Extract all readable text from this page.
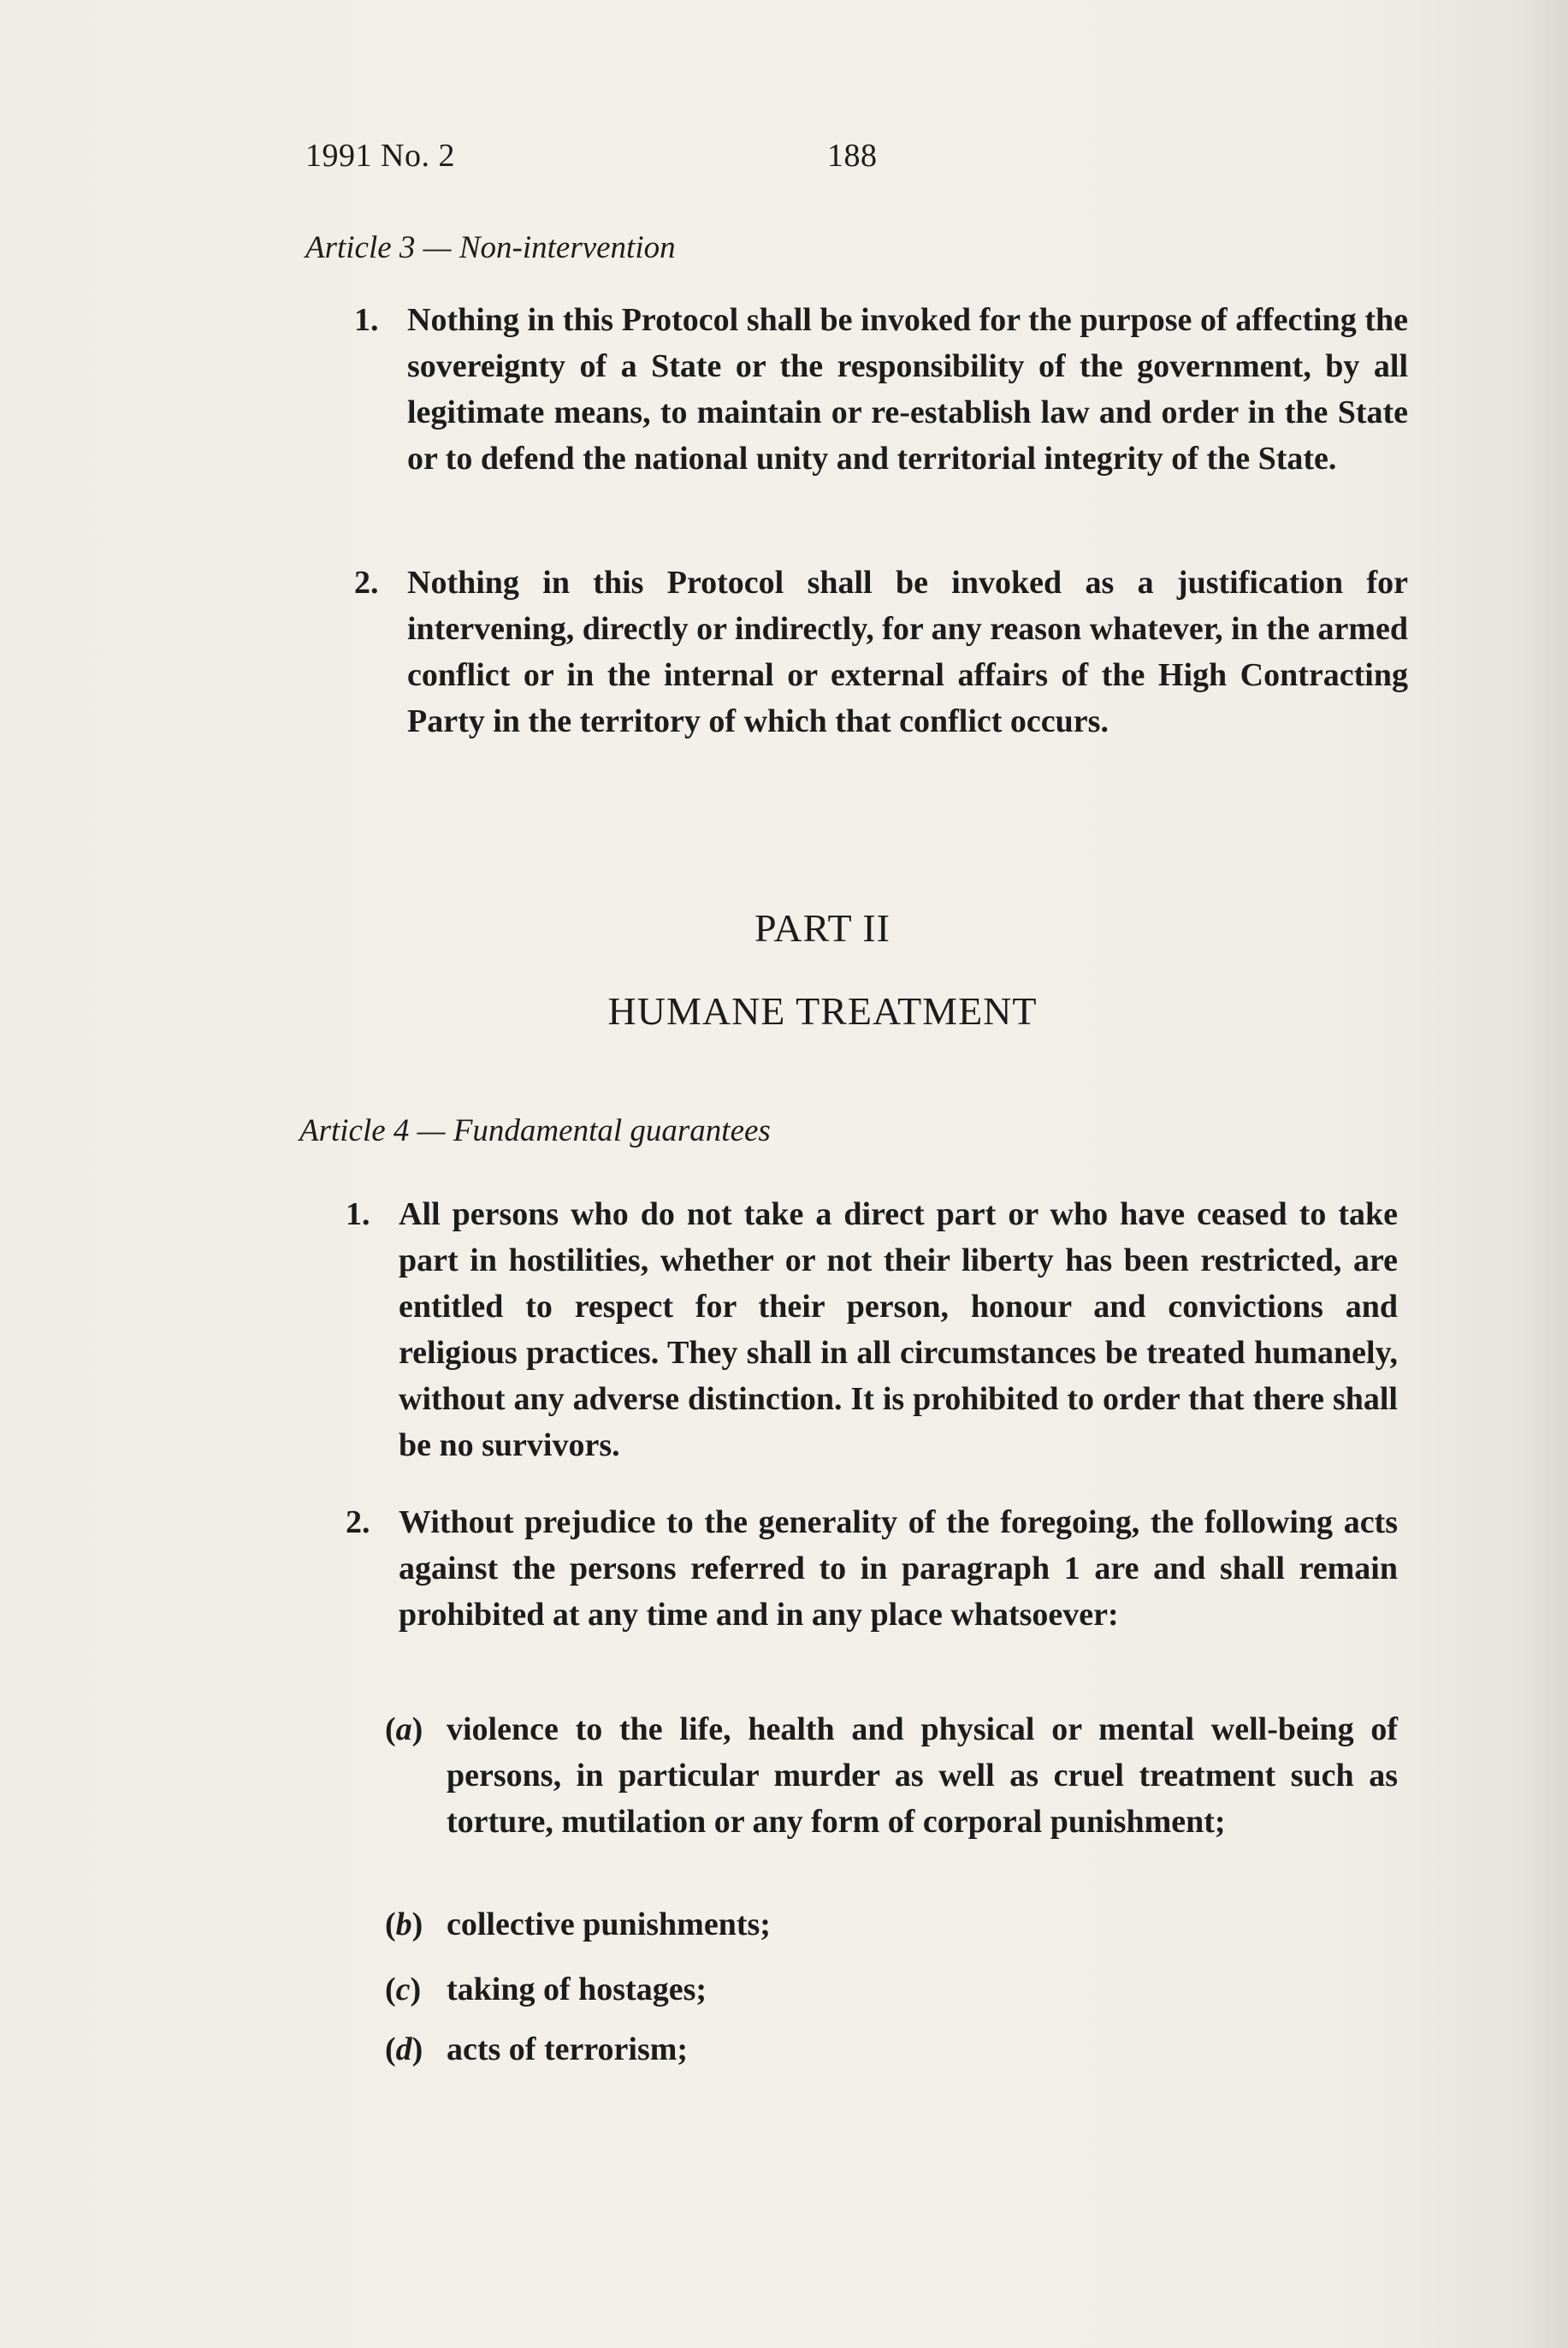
1991 No. 2	188
Article 3 — Non-intervention
1. Nothing in this Protocol shall be invoked for the purpose of affecting the sovereignty of a State or the responsibility of the government, by all legitimate means, to maintain or re-establish law and order in the State or to defend the national unity and territorial integrity of the State.
2. Nothing in this Protocol shall be invoked as a justification for intervening, directly or indirectly, for any reason whatever, in the armed conflict or in the internal or external affairs of the High Contracting Party in the territory of which that conflict occurs.
PART II
HUMANE TREATMENT
Article 4 — Fundamental guarantees
1. All persons who do not take a direct part or who have ceased to take part in hostilities, whether or not their liberty has been restricted, are entitled to respect for their person, honour and convictions and religious practices. They shall in all circumstances be treated humanely, without any adverse distinction. It is prohibited to order that there shall be no survivors.
2. Without prejudice to the generality of the foregoing, the following acts against the persons referred to in paragraph 1 are and shall remain prohibited at any time and in any place whatsoever:
(a) violence to the life, health and physical or mental well-being of persons, in particular murder as well as cruel treatment such as torture, mutilation or any form of corporal punishment;
(b) collective punishments;
(c) taking of hostages;
(d) acts of terrorism;
